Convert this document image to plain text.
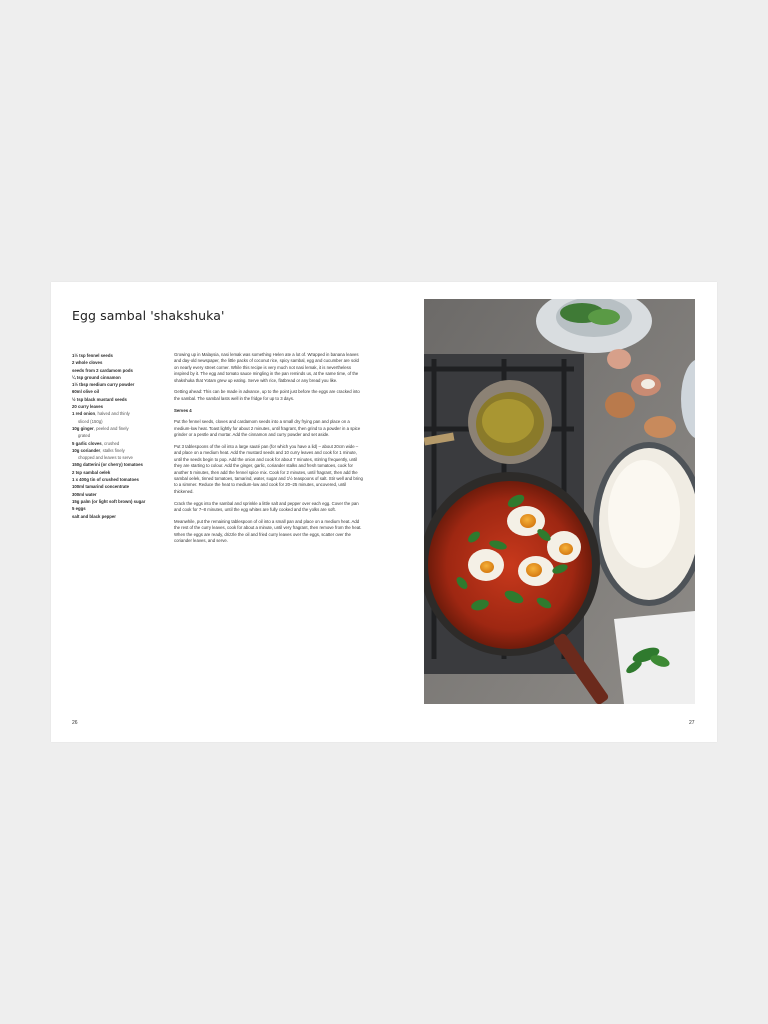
Egg sambal 'shakshuka'
1½ tsp fennel seeds
2 whole cloves
seeds from 2 cardamom pods
¼ tsp ground cinnamon
1½ tbsp medium curry powder
60ml olive oil
½ tsp black mustard seeds
20 curry leaves
1 red onion, halved and thinly
sliced (150g)
10g ginger, peeled and finely
grated
5 garlic cloves, crushed
10g coriander, stalks finely
chopped and leaves to serve
150g datterini (or cherry) tomatoes
2 tsp sambal oelek
1 x 400g tin of crushed tomatoes
100ml tamarind concentrate
300ml water
15g palm (or light soft brown) sugar
5 eggs
salt and black pepper

Growing up in Malaysia, nasi lemak was something Helen ate a lot of. Wrapped in banana leaves and day-old newspaper, the little packs of coconut rice, spicy sambal, egg and cucumber are sold on nearly every street corner. While this recipe is very much not nasi lemak, it is nevertheless inspired by it. The egg and tomato sauce mingling in the pan reminds us, at the same time, of the shakshuka that Yotam grew up eating. Serve with rice, flatbread or any bread you like.

Getting ahead: This can be made in advance, up to the point just before the eggs are cracked into the sambal. The sambal lasts well in the fridge for up to 3 days.

Serves 4

Put the fennel seeds, cloves and cardamom seeds into a small dry frying pan and place on a medium-low heat. Toast lightly for about 2 minutes, until fragrant, then grind to a powder in a spice grinder or a pestle and mortar. Add the cinnamon and curry powder and set aside.

Put 3 tablespoons of the oil into a large sauté pan (for which you have a lid) – about 20cm wide – and place on a medium heat. Add the mustard seeds and 10 curry leaves and cook for 1 minute, until the seeds begin to pop. Add the onion and cook for about 7 minutes, stirring frequently, until they are starting to colour. Add the ginger, garlic, coriander stalks and fresh tomatoes, cook for another 5 minutes, then add the fennel spice mix. Cook for 2 minutes, until fragrant, then add the sambal oelek, tinned tomatoes, tamarind, water, sugar and 1½ teaspoons of salt. Stir well and bring to a simmer. Reduce the heat to medium-low and cook for 20–25 minutes, uncovered, until thickened.

Crack the eggs into the sambal and sprinkle a little salt and pepper over each egg. Cover the pan and cook for 7–8 minutes, until the egg whites are fully cooked and the yolks are soft.

Meanwhile, put the remaining tablespoon of oil into a small pan and place on a medium heat. Add the rest of the curry leaves, cook for about a minute, until very fragrant, then remove from the heat. When the eggs are ready, drizzle the oil and fried curry leaves over the eggs, scatter over the coriander leaves, and serve.

26	27
